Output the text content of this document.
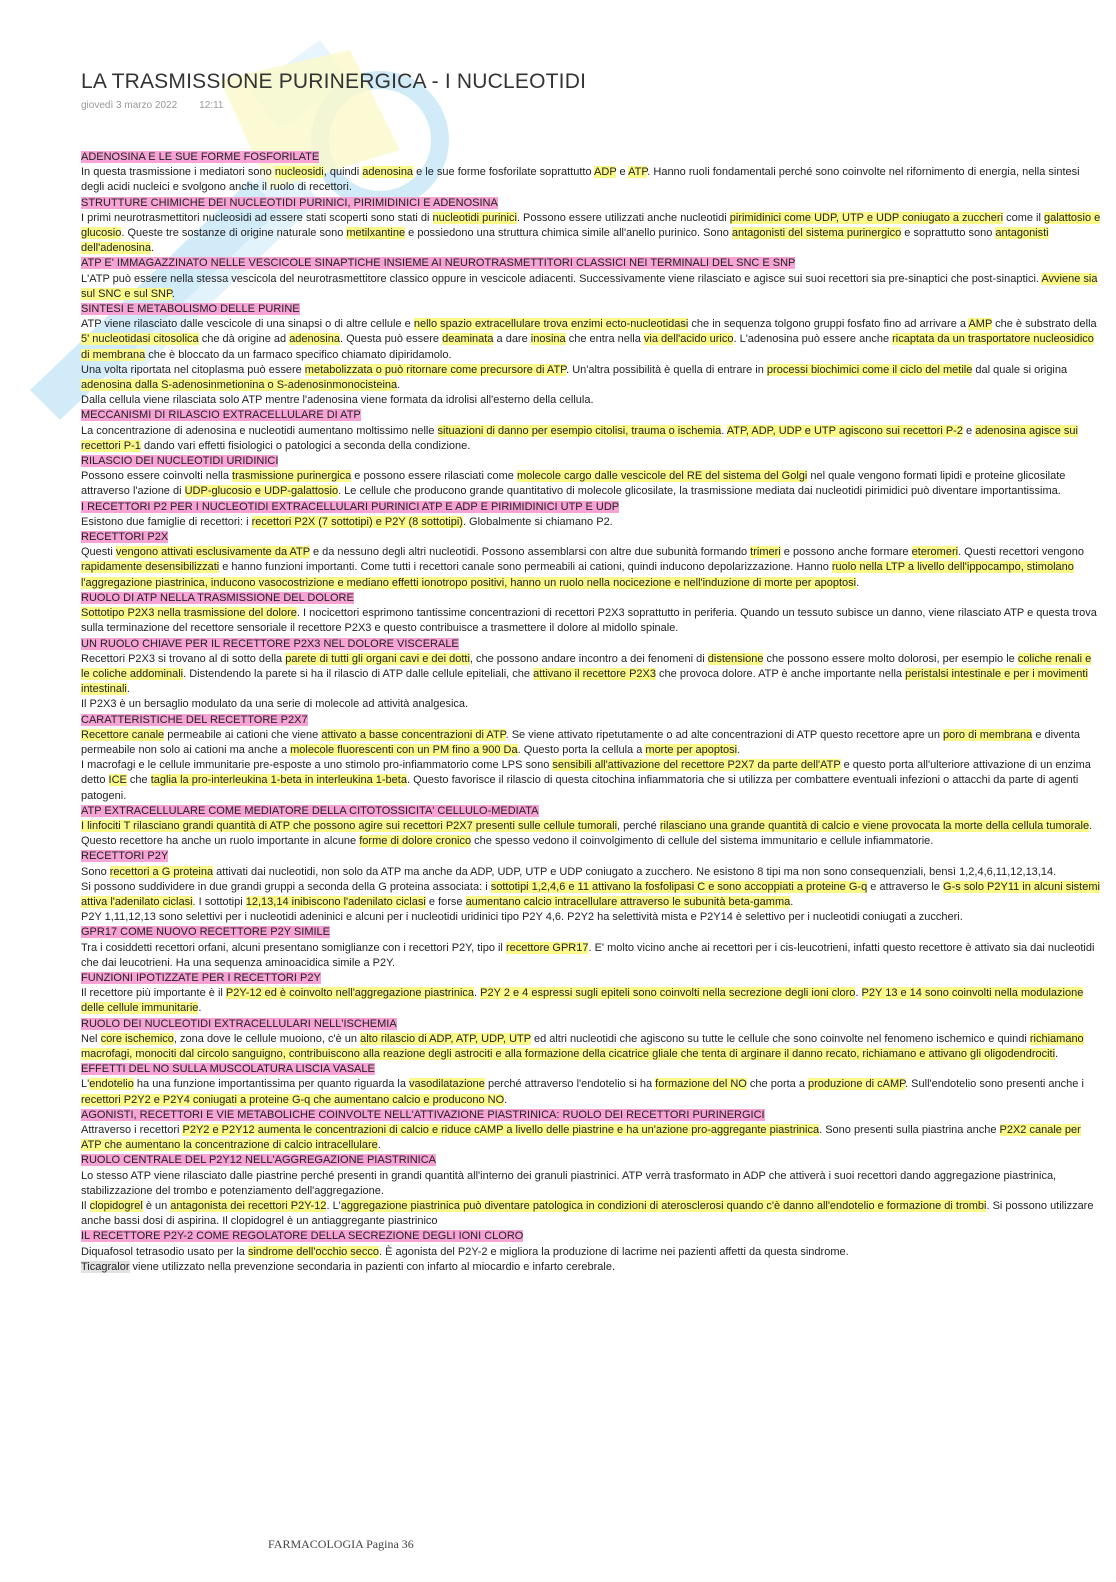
LA TRASMISSIONE PURINERGICA - I NUCLEOTIDI
giovedì 3 marzo 2022 12:11

ADENOSINA E LE SUE FORME FOSFORILATE

In questa trasmissione i mediatori sono nucleosidi, quindi adenosina e le sue forme fosforilate soprattutto ADP e ATP. Hanno ruoli fondamentali perché sono coinvolte nel rifornimento di energia, nella sintesi degli acidi nucleici e svolgono anche il ruolo di recettori.

STRUTTURE CHIMICHE DEI NUCLEOTIDI PURINICI, PIRIMIDINICI E ADENOSINA

I primi neurotrasmettitori nucleosidi ad essere stati scoperti sono stati di nucleotidi purinici. Possono essere utilizzati anche nucleotidi pirimidinici come UDP, UTP e UDP coniugato a zuccheri come il galattosio e glucosio. Queste tre sostanze di origine naturale sono metilxantine e possiedono una struttura chimica simile all'anello purinico. Sono antagonisti del sistema purinergico e soprattutto sono antagonisti dell'adenosina.

ATP E' IMMAGAZZINATO NELLE VESCICOLE SINAPTICHE INSIEME AI NEUROTRASMETTITORI CLASSICI NEI TERMINALI DEL SNC E SNP

L'ATP può essere nella stessa vescicola del neurotrasmettitore classico oppure in vescicole adiacenti. Successivamente viene rilasciato e agisce sui suoi recettori sia pre-sinaptici che post-sinaptici. Avviene sia sul SNC e sul SNP.

SINTESI E METABOLISMO DELLE PURINE

ATP viene rilasciato dalle vescicole di una sinapsi o di altre cellule e nello spazio extracellulare trova enzimi ecto-nucleotidasi che in sequenza tolgono gruppi fosfato fino ad arrivare a AMP che è substrato della 5' nucleotidasi citosolica che dà origine ad adenosina. Questa può essere deaminata a dare inosina che entra nella via dell'acido urico. L'adenosina può essere anche ricaptata da un trasportatore nucleosidico di membrana che è bloccato da un farmaco specifico chiamato dipiridamolo.

Una volta riportata nel citoplasma può essere metabolizzata o può ritornare come precursore di ATP. Un'altra possibilità è quella di entrare in processi biochimici come il ciclo del metile dal quale si origina adenosina dalla S-adenosinmetionina o S-adenosinmonocisteina.

Dalla cellula viene rilasciata solo ATP mentre l'adenosina viene formata da idrolisi all'esterno della cellula.

MECCANISMI DI RILASCIO EXTRACELLULARE DI ATP

La concentrazione di adenosina e nucleotidi aumentano moltissimo nelle situazioni di danno per esempio citolisi, trauma o ischemia. ATP, ADP, UDP e UTP agiscono sui recettori P-2 e adenosina agisce sui recettori P-1 dando vari effetti fisiologici o patologici a seconda della condizione.

RILASCIO DEI NUCLEOTIDI URIDINICI

Possono essere coinvolti nella trasmissione purinergica e possono essere rilasciati come molecole cargo dalle vescicole del RE del sistema del Golgi nel quale vengono formati lipidi e proteine glicosilate attraverso l'azione di UDP-glucosio e UDP-galattosio. Le cellule che producono grande quantitativo di molecole glicosilate, la trasmissione mediata dai nucleotidi pirimidici può diventare importantissima.

I RECETTORI P2 PER I NUCLEOTIDI EXTRACELLULARI PURINICI ATP E ADP E PIRIMIDINICI UTP E UDP

Esistono due famiglie di recettori: i recettori P2X (7 sottotipi) e P2Y (8 sottotipi). Globalmente si chiamano P2.

RECETTORI P2X

Questi vengono attivati esclusivamente da ATP e da nessuno degli altri nucleotidi. Possono assemblarsi con altre due subunità formando trimeri e possono anche formare eteromeri. Questi recettori vengono rapidamente desensibilizzati e hanno funzioni importanti. Come tutti i recettori canale sono permeabili ai cationi, quindi inducono depolarizzazione. Hanno ruolo nella LTP a livello dell'ippocampo, stimolano l'aggregazione piastrinica, inducono vasocostrizione e mediano effetti ionotropo positivi, hanno un ruolo nella nocicezione e nell'induzione di morte per apoptosi.

RUOLO DI ATP NELLA TRASMISSIONE DEL DOLORE

Sottotipo P2X3 nella trasmissione del dolore. I nocicettori esprimono tantissime concentrazioni di recettori P2X3 soprattutto in periferia. Quando un tessuto subisce un danno, viene rilasciato ATP e questa trova sulla terminazione del recettore sensoriale il recettore P2X3 e questo contribuisce a trasmettere il dolore al midollo spinale.

UN RUOLO CHIAVE PER IL RECETTORE P2X3 NEL DOLORE VISCERALE

Recettori P2X3 si trovano al di sotto della parete di tutti gli organi cavi e dei dotti, che possono andare incontro a dei fenomeni di distensione che possono essere molto dolorosi, per esempio le coliche renali e le coliche addominali. Distendendo la parete si ha il rilascio di ATP dalle cellule epiteliali, che attivano il recettore P2X3 che provoca dolore. ATP è anche importante nella peristalsi intestinale e per i movimenti intestinali.

Il P2X3 è un bersaglio modulato da una serie di molecole ad attività analgesica.

CARATTERISTICHE DEL RECETTORE P2X7

Recettore canale permeabile ai cationi che viene attivato a basse concentrazioni di ATP. Se viene attivato ripetutamente o ad alte concentrazioni di ATP questo recettore apre un poro di membrana e diventa permeabile non solo ai cationi ma anche a molecole fluorescenti con un PM fino a 900 Da. Questo porta la cellula a morte per apoptosi.

I macrofagi e le cellule immunitarie pre-esposte a uno stimolo pro-infiammatorio come LPS sono sensibili all'attivazione del recettore P2X7 da parte dell'ATP e questo porta all'ulteriore attivazione di un enzima detto ICE che taglia la pro-interleukina 1-beta in interleukina 1-beta. Questo favorisce il rilascio di questa citochina infiammatoria che si utilizza per combattere eventuali infezioni o attacchi da parte di agenti patogeni.

ATP EXTRACELLULARE COME MEDIATORE DELLA CITOTOSSICITA' CELLULO-MEDIATA

I linfociti T rilasciano grandi quantità di ATP che possono agire sui recettori P2X7 presenti sulle cellule tumorali, perché rilasciano una grande quantità di calcio e viene provocata la morte della cellula tumorale.

Questo recettore ha anche un ruolo importante in alcune forme di dolore cronico che spesso vedono il coinvolgimento di cellule del sistema immunitario e cellule infiammatorie.

RECETTORI P2Y

Sono recettori a G proteina attivati dai nucleotidi, non solo da ATP ma anche da ADP, UDP, UTP e UDP coniugato a zucchero. Ne esistono 8 tipi ma non sono consequenziali, bensì 1,2,4,6,11,12,13,14.

Si possono suddividere in due grandi gruppi a seconda della G proteina associata: i sottotipi 1,2,4,6 e 11 attivano la fosfolipasi C e sono accoppiati a proteine G-q e attraverso le G-s solo P2Y11 in alcuni sistemi attiva l'adenilato ciclasi. I sottotipi 12,13,14 inibiscono l'adenilato ciclasi e forse aumentano calcio intracellulare attraverso le subunità beta-gamma.

P2Y 1,11,12,13 sono selettivi per i nucleotidi adeninici e alcuni per i nucleotidi uridinici tipo P2Y 4,6. P2Y2 ha selettività mista e P2Y14 è selettivo per i nucleotidi coniugati a zuccheri.

GPR17 COME NUOVO RECETTORE P2Y SIMILE

Tra i cosiddetti recettori orfani, alcuni presentano somiglianze con i recettori P2Y, tipo il recettore GPR17. E' molto vicino anche ai recettori per i cis-leucotrieni, infatti questo recettore è attivato sia dai nucleotidi che dai leucotrieni. Ha una sequenza aminoacidica simile a P2Y.

FUNZIONI IPOTIZZATE PER I RECETTORI P2Y

Il recettore più importante è il P2Y-12 ed è coinvolto nell'aggregazione piastrinica. P2Y 2 e 4 espressi sugli epiteli sono coinvolti nella secrezione degli ioni cloro. P2Y 13 e 14 sono coinvolti nella modulazione delle cellule immunitarie.

RUOLO DEI NUCLEOTIDI EXTRACELLULARI NELL'ISCHEMIA

Nel core ischemico, zona dove le cellule muoiono, c'è un alto rilascio di ADP, ATP, UDP, UTP ed altri nucleotidi che agiscono su tutte le cellule che sono coinvolte nel fenomeno ischemico e quindi richiamano macrofagi, monociti dal circolo sanguigno, contribuiscono alla reazione degli astrociti e alla formazione della cicatrice gliale che tenta di arginare il danno recato, richiamano e attivano gli oligodendrociti.

EFFETTI DEL NO SULLA MUSCOLATURA LISCIA VASALE

L'endotelio ha una funzione importantissima per quanto riguarda la vasodilatazione perché attraverso l'endotelio si ha formazione del NO che porta a produzione di cAMP. Sull'endotelio sono presenti anche i recettori P2Y2 e P2Y4 coniugati a proteine G-q che aumentano calcio e producono NO.

AGONISTI, RECETTORI E VIE METABOLICHE COINVOLTE NELL'ATTIVAZIONE PIASTRINICA: RUOLO DEI RECETTORI PURINERGICI

Attraverso i recettori P2Y2 e P2Y12 aumenta le concentrazioni di calcio e riduce cAMP a livello delle piastrine e ha un'azione pro-aggregante piastrinica. Sono presenti sulla piastrina anche P2X2 canale per ATP che aumentano la concentrazione di calcio intracellulare.

RUOLO CENTRALE DEL P2Y12 NELL'AGGREGAZIONE PIASTRINICA

Lo stesso ATP viene rilasciato dalle piastrine perché presenti in grandi quantità all'interno dei granuli piastrinici. ATP verrà trasformato in ADP che attiverà i suoi recettori dando aggregazione piastrinica, stabilizzazione del trombo e potenziamento dell'aggregazione.

Il clopidogrel è un antagonista dei recettori P2Y-12. L'aggregazione piastrinica può diventare patologica in condizioni di aterosclerosi quando c'è danno all'endotelio e formazione di trombi. Si possono utilizzare anche bassi dosi di aspirina. Il clopidogrel è un antiaggregante piastrinico

IL RECETTORE P2Y-2 COME REGOLATORE DELLA SECREZIONE DEGLI IONI CLORO

Diquafosol tetrasodio usato per la sindrome dell'occhio secco. È agonista del P2Y-2 e migliora la produzione di lacrime nei pazienti affetti da questa sindrome.

Ticagralor viene utilizzato nella prevenzione secondaria in pazienti con infarto al miocardio e infarto cerebrale.

FARMACOLOGIA Pagina 36
